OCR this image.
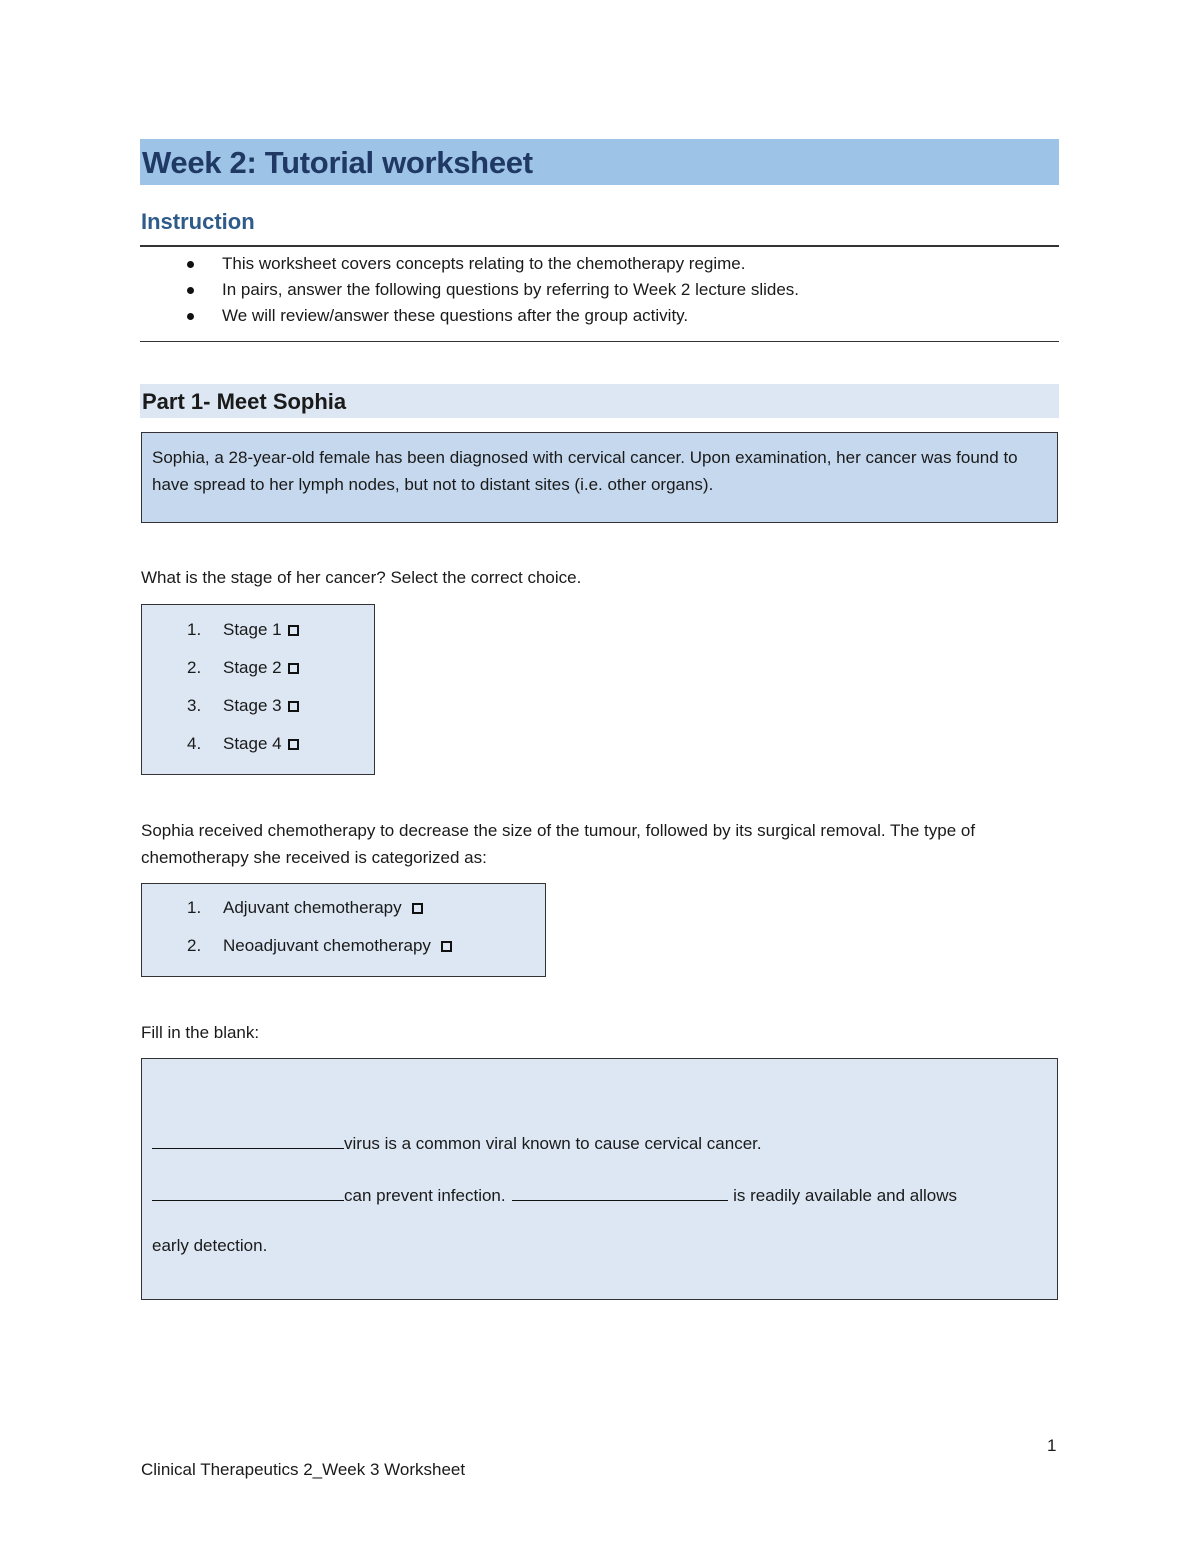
Week 2: Tutorial worksheet
Instruction
This worksheet covers concepts relating to the chemotherapy regime.
In pairs, answer the following questions by referring to Week 2 lecture slides.
We will review/answer these questions after the group activity.
Part 1- Meet Sophia
Sophia, a 28-year-old female has been diagnosed with cervical cancer. Upon examination, her cancer was found to have spread to her lymph nodes, but not to distant sites (i.e. other organs).
What is the stage of her cancer? Select the correct choice.
1. Stage 1
2. Stage 2
3. Stage 3
4. Stage 4
Sophia received chemotherapy to decrease the size of the tumour, followed by its surgical removal. The type of chemotherapy she received is categorized as:
1. Adjuvant chemotherapy
2. Neoadjuvant chemotherapy
Fill in the blank:
virus is a common viral known to cause cervical cancer.
can prevent infection.	is readily available and allows
early detection.
1
Clinical Therapeutics 2_Week 3 Worksheet
